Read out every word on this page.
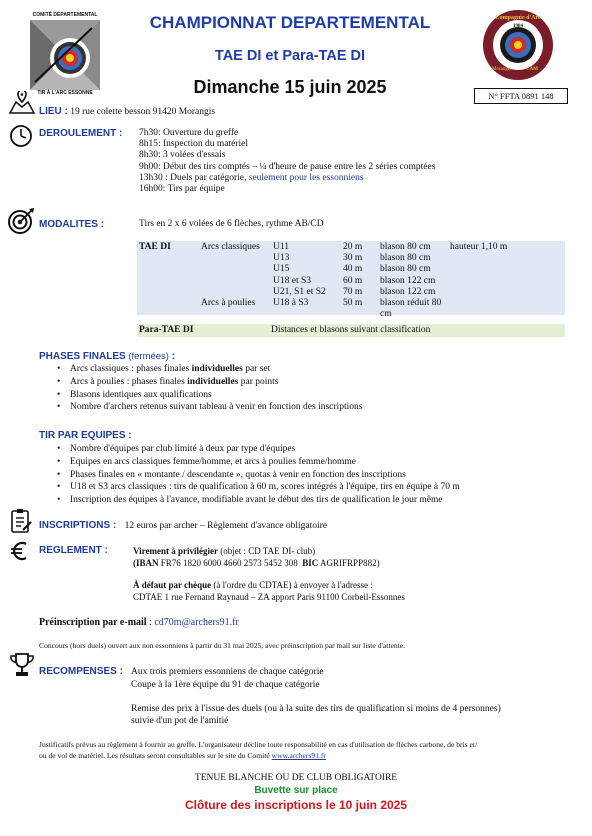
COMITÉ DÉPARTEMENTAL
TIR À L'ARC ESSONNE
Compagnie d'Arc
1984
Morangis	CAM
CHAMPIONNAT DEPARTEMENTAL
TAE DI et Para-TAE DI
Dimanche 15 juin 2025	N° FFTA 0891 148
LIEU : 19 rue colette besson 91420 Morangis
DEROULEMENT : 7h30 : Ouverture du greffe
8h15 : Inspection du matériel
8h30 : 3 volées d'essais
9h00 : Début des tirs comptés – ¼ d'heure de pause entre les 2 séries comptées
13h30 : Duels par catégorie, seulement pour les essonniens
16h00 : Tirs par équipe
MODALITES :	Tirs en 2 x 6 volées de 6 flèches, rythme AB/CD
TAE DI	Arcs classiques	U11	20 m	blason 80 cm	hauteur 1,10 m
U13	30 m	blason 80 cm
U15	40 m	blason 80 cm
U18 et S3	60 m	blason 122 cm
U21, S1 et S2	70 m	blason 122 cm
Arcs à poulies	U18 à S3	50 m	blason réduit 80 cm
Para-TAE DI	Distances et blasons suivant classification
PHASES FINALES (fermées) :
• Arcs classiques : phases finales individuelles par set
• Arcs à poulies : phases finales individuelles par points
• Blasons identiques aux qualifications
• Nombre d'archers retenus suivant tableau à venir en fonction des inscriptions
TIR PAR EQUIPES :
• Nombre d'équipes par club limité à deux par type d'équipes
• Equipes en arcs classiques femme/homme, et arcs à poulies femme/homme
• Phases finales en « montante / descendante », quotas à venir en fonction des inscriptions
• U18 et S3 arcs classiques : tirs de qualification à 60 m, scores intégrés à l'équipe, tirs en équipe à 70 m
• Inscription des équipes à l'avance, modifiable avant le début des tirs de qualification le jour même
INSCRIPTIONS : 12 euros par archer – Règlement d'avance obligatoire
REGLEMENT :	Virement à privilégier (objet : CD TAE DI- club)
(IBAN FR76 1820 6000 4660 2573 5452 308  BIC AGRIFRPP882)
À défaut par chèque (à l'ordre du CDTAE) à envoyer à l'adresse :
CDTAE 1 rue Fernand Raynaud – ZA apport Paris 91100 Corbeil-Essonnes
Préinscription par e-mail : cd70m@archers91.fr
Concours (hors duels) ouvert aux non essonniens à partir du 31 mai 2025, avec préinscription par mail sur liste d'attente.
RECOMPENSES : Aux trois premiers essonniens de chaque catégorie
Coupe à la 1ère équipe du 91 de chaque catégorie
Remise des prix à l'issue des duels (ou à la suite des tirs de qualification si moins de 4 personnes)
suivie d'un pot de l'amitié
Justificatifs prévus au règlement à fournir au greffe. L'organisateur décline toute responsabilité en cas d'utilisation de flèches carbone, de bris et/
ou de vol de matériel. Les résultats seront consultables sur le site du Comité www.archers91.fr
TENUE BLANCHE OU DE CLUB OBLIGATOIRE
Buvette sur place
Clôture des inscriptions le 10 juin 2025
